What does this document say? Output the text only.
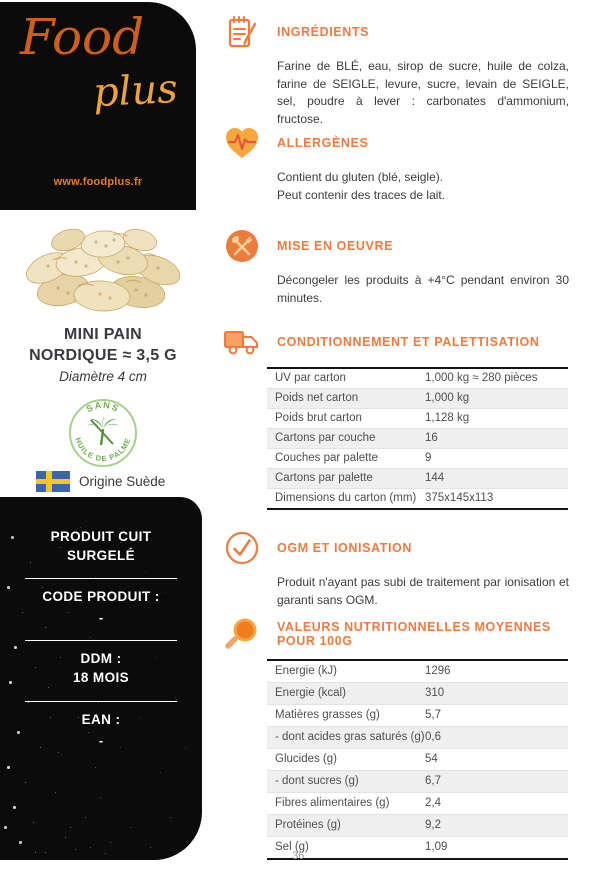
Food
plus
www.foodplus.fr
MINI PAIN
NORDIQUE ≈ 3,5 G
Diamètre 4 cm
SANS
HUILE DE PALME
Origine Suède
PRODUIT CUIT
SURGELÉ
CODE PRODUIT :
-
DDM :
18 MOIS
EAN :
-
INGRÉDIENTS
Farine de BLÉ, eau, sirop de sucre, huile de colza, farine de SEIGLE, levure, sucre, levain de SEIGLE, sel, poudre à lever : carbonates d'ammonium, fructose.
ALLERGÈNES
Contient du gluten (blé, seigle).
Peut contenir des traces de lait.
MISE EN OEUVRE
Décongeler les produits à +4°C pendant environ 30 minutes.
CONDITIONNEMENT ET PALETTISATION
UV par carton	1,000 kg ≈ 280 pièces
Poids net carton	1,000 kg
Poids brut carton	1,128 kg
Cartons par couche	16
Couches par palette	9
Cartons par palette	144
Dimensions du carton (mm) 375x145x113
OGM ET IONISATION
Produit n'ayant pas subi de traitement par ionisation et garanti sans OGM.
VALEURS NUTRITIONNELLES MOYENNES POUR 100G
Energie (kJ)	1296
Energie (kcal)	310
Matières grasses (g)	5,7
- dont acides gras saturés (g) 0,6
Glucides (g)	54
- dont sucres (g)	6,7
Fibres alimentaires (g)	2,4
Protéines (g)	9,2
Sel (g)	1,09
36
